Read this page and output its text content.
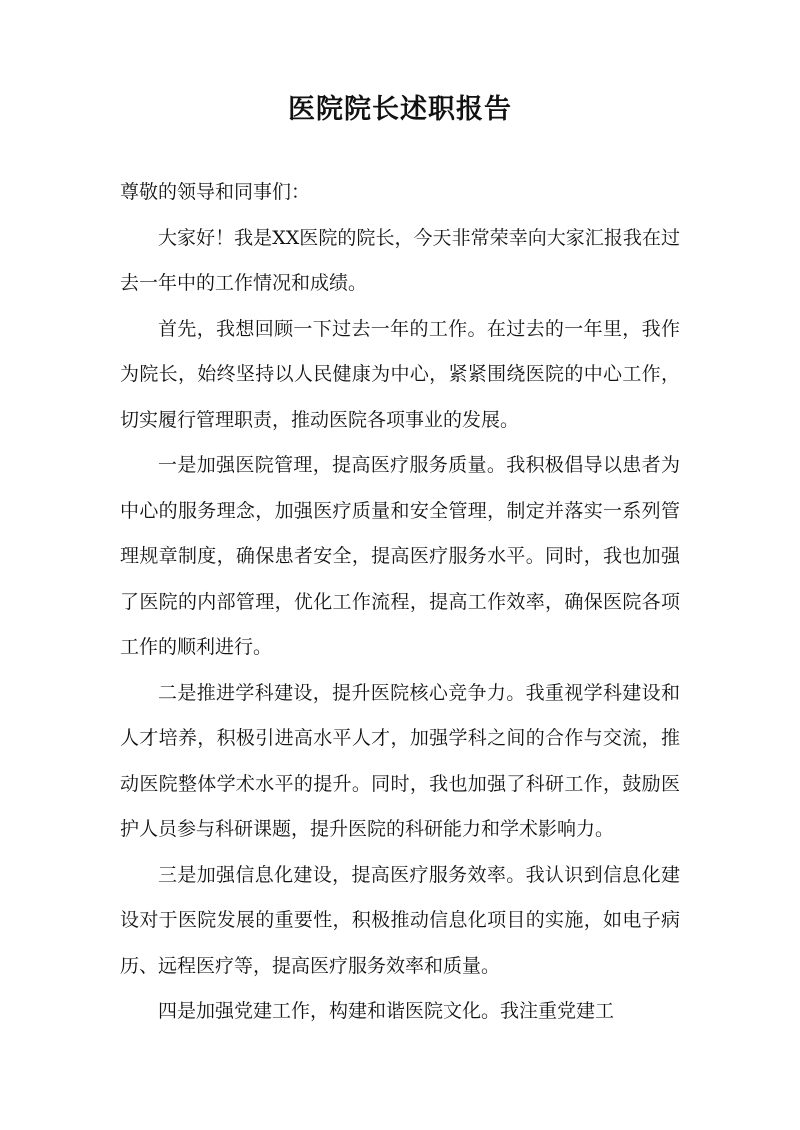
医院院长述职报告

尊敬的领导和同事们：

大家好！我是XX医院的院长，今天非常荣幸向大家汇报我在过去一年中的工作情况和成绩。

首先，我想回顾一下过去一年的工作。在过去的一年里，我作为院长，始终坚持以人民健康为中心，紧紧围绕医院的中心工作，切实履行管理职责，推动医院各项事业的发展。

一是加强医院管理，提高医疗服务质量。我积极倡导以患者为中心的服务理念，加强医疗质量和安全管理，制定并落实一系列管理规章制度，确保患者安全，提高医疗服务水平。同时，我也加强了医院的内部管理，优化工作流程，提高工作效率，确保医院各项工作的顺利进行。

二是推进学科建设，提升医院核心竞争力。我重视学科建设和人才培养，积极引进高水平人才，加强学科之间的合作与交流，推动医院整体学术水平的提升。同时，我也加强了科研工作，鼓励医护人员参与科研课题，提升医院的科研能力和学术影响力。

三是加强信息化建设，提高医疗服务效率。我认识到信息化建设对于医院发展的重要性，积极推动信息化项目的实施，如电子病历、远程医疗等，提高医疗服务效率和质量。

四是加强党建工作，构建和谐医院文化。我注重党建工
